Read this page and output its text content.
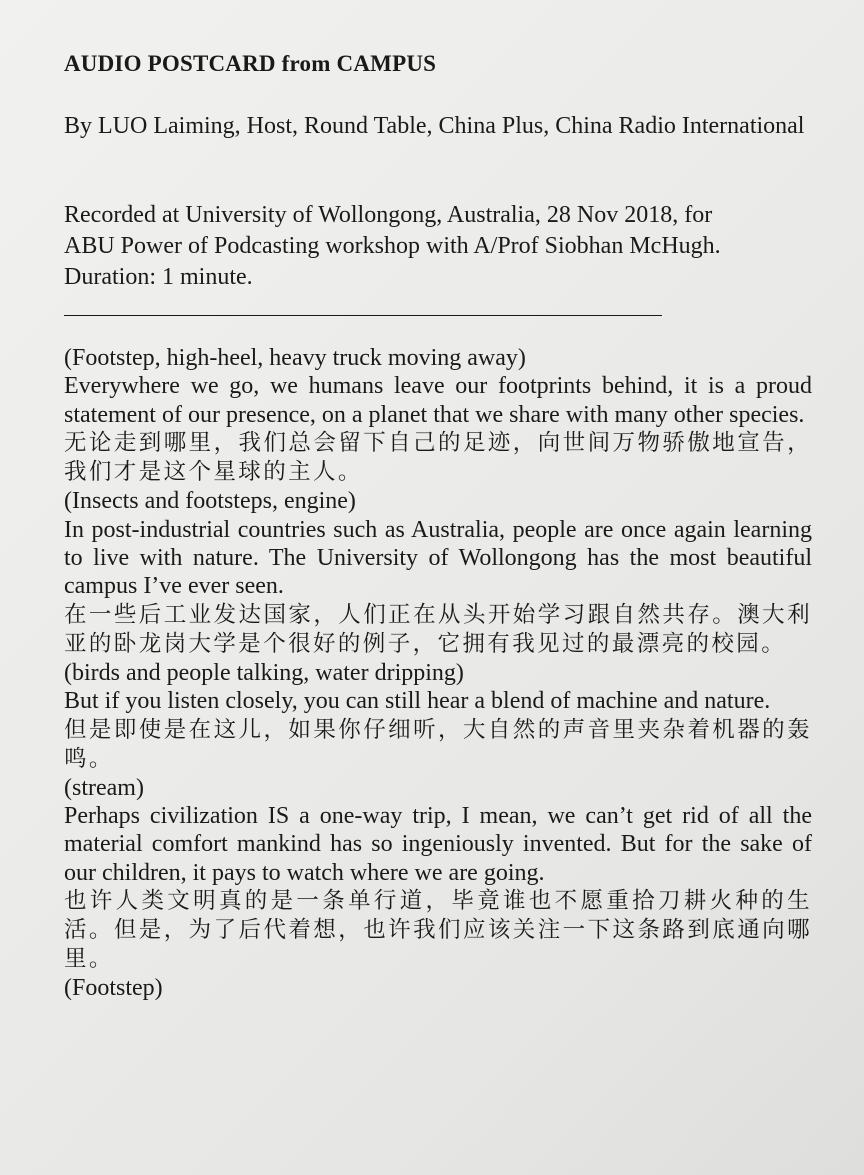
AUDIO POSTCARD from CAMPUS
By LUO Laiming, Host, Round Table, China Plus, China Radio International
Recorded at University of Wollongong, Australia, 28 Nov 2018, for
ABU Power of Podcasting workshop with A/Prof Siobhan McHugh.
Duration: 1 minute.

(Footstep, high-heel, heavy truck moving away)

Everywhere we go, we humans leave our footprints behind, it is a proud statement of our presence, on a planet that we share with many other species.

无论走到哪里，我们总会留下自己的足迹，向世间万物骄傲地宣告，我们才是这个星球的主人。

(Insects and footsteps, engine)

In post-industrial countries such as Australia, people are once again learning to live with nature. The University of Wollongong has the most beautiful campus I’ve ever seen.

在一些后工业发达国家，人们正在从头开始学习跟自然共存。澳大利亚的卧龙岗大学是个很好的例子，它拥有我见过的最漂亮的校园。

(birds and people talking, water dripping)

But if you listen closely, you can still hear a blend of machine and nature.

但是即使是在这儿，如果你仔细听，大自然的声音里夹杂着机器的轰鸣。

(stream)

Perhaps civilization IS a one-way trip, I mean, we can’t get rid of all the material comfort mankind has so ingeniously invented. But for the sake of our children, it pays to watch where we are going.

也许人类文明真的是一条单行道，毕竟谁也不愿重拾刀耕火种的生活。但是，为了后代着想，也许我们应该关注一下这条路到底通向哪里。

(Footstep)
